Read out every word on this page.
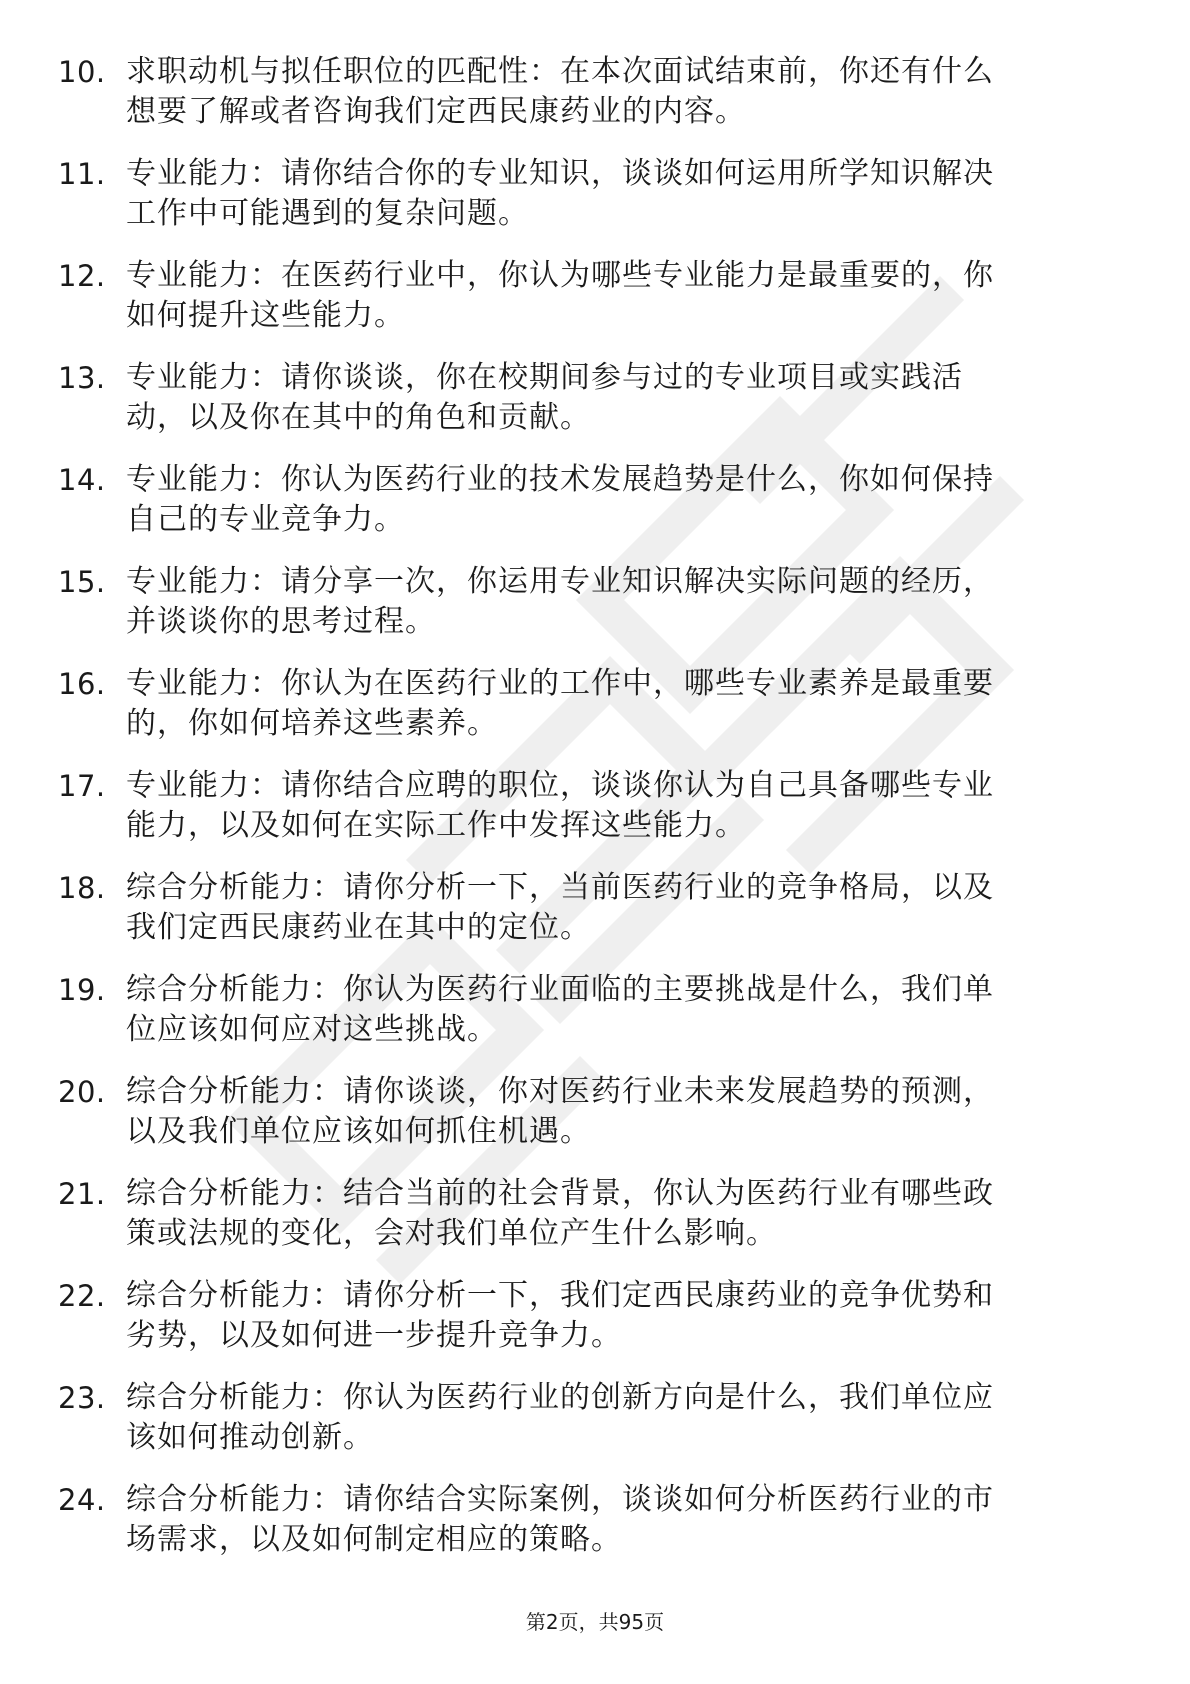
10. 求职动机与拟任职位的匹配性：在本次面试结束前，你还有什么
想要了解或者咨询我们定西民康药业的内容。
11. 专业能力：请你结合你的专业知识，谈谈如何运用所学知识解决
工作中可能遇到的复杂问题。
12. 专业能力：在医药行业中，你认为哪些专业能力是最重要的，你
如何提升这些能力。
13. 专业能力：请你谈谈，你在校期间参与过的专业项目或实践活
动，以及你在其中的角色和贡献。
14. 专业能力：你认为医药行业的技术发展趋势是什么，你如何保持
自己的专业竞争力。
15. 专业能力：请分享一次，你运用专业知识解决实际问题的经历，
并谈谈你的思考过程。
16. 专业能力：你认为在医药行业的工作中，哪些专业素养是最重要
的，你如何培养这些素养。
17. 专业能力：请你结合应聘的职位，谈谈你认为自己具备哪些专业
能力，以及如何在实际工作中发挥这些能力。
18. 综合分析能力：请你分析一下，当前医药行业的竞争格局，以及
我们定西民康药业在其中的定位。
19. 综合分析能力：你认为医药行业面临的主要挑战是什么，我们单
位应该如何应对这些挑战。
20. 综合分析能力：请你谈谈，你对医药行业未来发展趋势的预测，
以及我们单位应该如何抓住机遇。
21. 综合分析能力：结合当前的社会背景，你认为医药行业有哪些政
策或法规的变化，会对我们单位产生什么影响。
22. 综合分析能力：请你分析一下，我们定西民康药业的竞争优势和
劣势，以及如何进一步提升竞争力。
23. 综合分析能力：你认为医药行业的创新方向是什么，我们单位应
该如何推动创新。
24. 综合分析能力：请你结合实际案例，谈谈如何分析医药行业的市
场需求，以及如何制定相应的策略。
第2页，共95页
